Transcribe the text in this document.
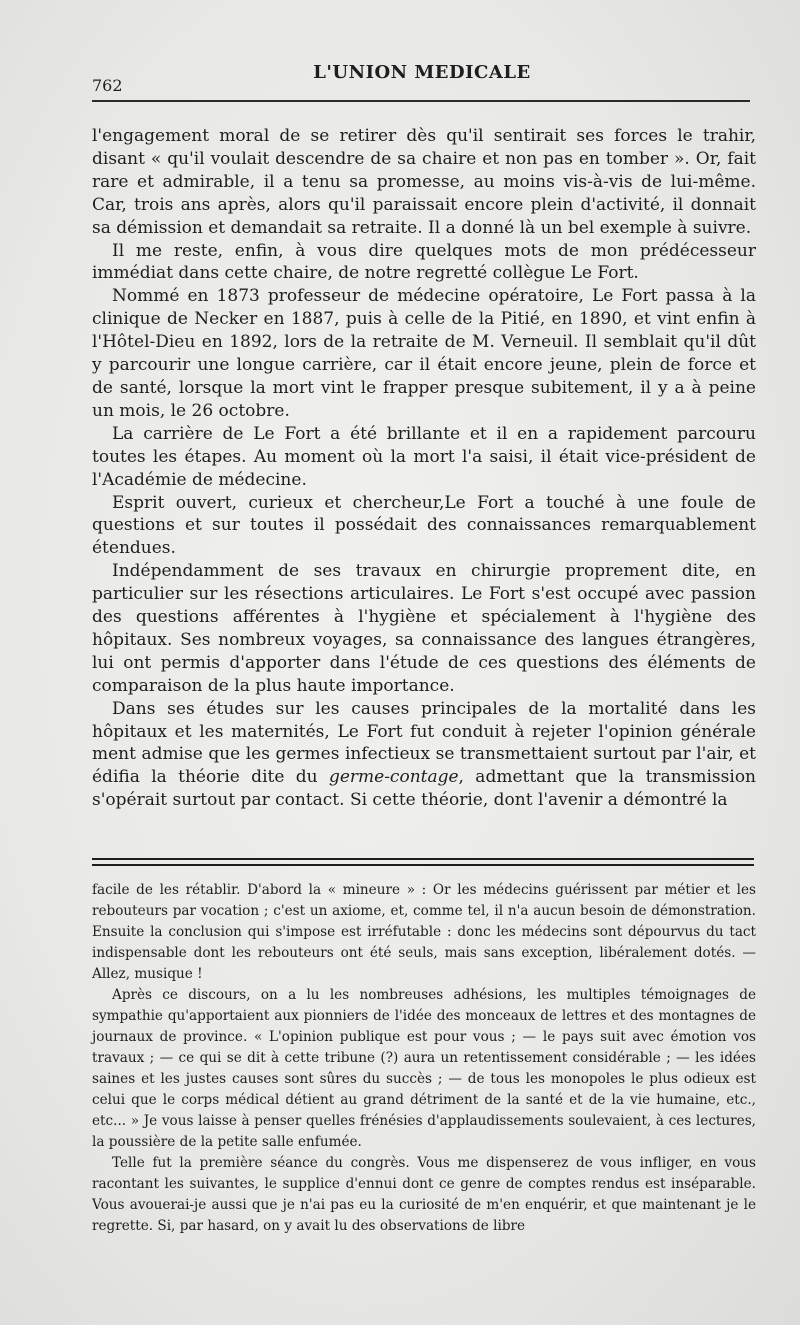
762
L'UNION MEDICALE

l'engagement moral de se retirer dès qu'il sentirait ses forces le trahir, disant « qu'il voulait descendre de sa chaire et non pas en tomber ». Or, fait rare et admirable, il a tenu sa promesse, au moins vis-à-vis de lui-même. Car, trois ans après, alors qu'il paraissait encore plein d'activité, il donnait sa démission et demandait sa retraite. Il a donné là un bel exemple à suivre.

Il me reste, enfin, à vous dire quelques mots de mon prédécesseur immédiat dans cette chaire, de notre regretté collègue Le Fort.

Nommé en 1873 professeur de médecine opératoire, Le Fort passa à la clinique de Necker en 1887, puis à celle de la Pitié, en 1890, et vint enfin à l'Hôtel-Dieu en 1892, lors de la retraite de M. Verneuil. Il semblait qu'il dût y parcourir une longue carrière, car il était encore jeune, plein de force et de santé, lorsque la mort vint le frapper presque subitement, il y a à peine un mois, le 26 octobre.

La carrière de Le Fort a été brillante et il en a rapidement parcouru toutes les étapes. Au moment où la mort l'a saisi, il était vice-président de l'Académie de médecine.

Esprit ouvert, curieux et chercheur,Le Fort a touché à une foule de questions et sur toutes il possédait des connaissances remarquablement étendues.

Indépendamment de ses travaux en chirurgie proprement dite, en particulier sur les résections articulaires. Le Fort s'est occupé avec passion des questions afférentes à l'hygiène et spécialement à l'hygiène des hôpitaux. Ses nombreux voyages, sa connaissance des langues étrangères, lui ont permis d'apporter dans l'étude de ces questions des éléments de comparaison de la plus haute importance.

Dans ses études sur les causes principales de la mortalité dans les hôpitaux et les maternités, Le Fort fut conduit à rejeter l'opinion générale ment admise que les germes infectieux se transmettaient surtout par l'air, et édifia la théorie dite du germe-contage, admettant que la transmission s'opérait surtout par contact. Si cette théorie, dont l'avenir a démontré la

facile de les rétablir. D'abord la « mineure » : Or les médecins guérissent par métier et les rebouteurs par vocation ; c'est un axiome, et, comme tel, il n'a aucun besoin de démonstration. Ensuite la conclusion qui s'impose est irréfutable : donc les médecins sont dépourvus du tact indispensable dont les rebouteurs ont été seuls, mais sans exception, libéralement dotés. — Allez, musique !

Après ce discours, on a lu les nombreuses adhésions, les multiples témoignages de sympathie qu'apportaient aux pionniers de l'idée des monceaux de lettres et des montagnes de journaux de province. « L'opinion publique est pour vous ; — le pays suit avec émotion vos travaux ; — ce qui se dit à cette tribune (?) aura un retentissement considérable ; — les idées saines et les justes causes sont sûres du succès ; — de tous les monopoles le plus odieux est celui que le corps médical détient au grand détriment de la santé et de la vie humaine, etc., etc... » Je vous laisse à penser quelles frénésies d'applaudissements soulevaient, à ces lectures, la poussière de la petite salle enfumée.

Telle fut la première séance du congrès. Vous me dispenserez de vous infliger, en vous racontant les suivantes, le supplice d'ennui dont ce genre de comptes rendus est inséparable. Vous avouerai-je aussi que je n'ai pas eu la curiosité de m'en enquérir, et que maintenant je le regrette. Si, par hasard, on y avait lu des observations de libre
